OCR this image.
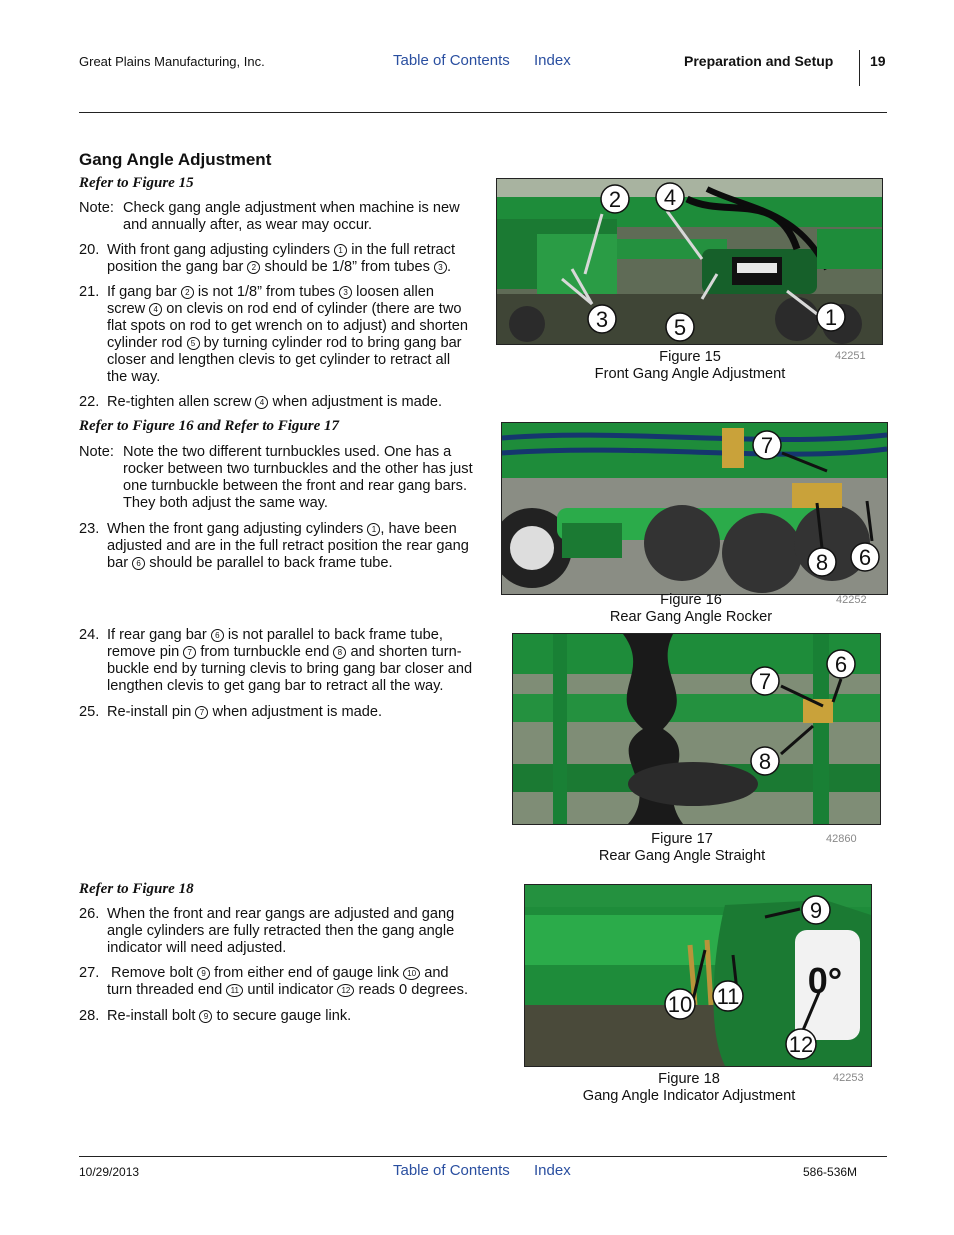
Great Plains Manufacturing, Inc.	Table of Contents Index	Preparation and Setup	19
Gang Angle Adjustment
Refer to Figure 15
Note: Check gang angle adjustment when machine is new
and annually after, as wear may occur.
20. With front gang adjusting cylinders 1 in the full retract
position the gang bar 2 should be 1/8” from tubes 3 .
21. If gang bar 2 is not 1/8” from tubes 3 loosen allen
screw 4 on clevis on rod end of cylinder (there are two
flat spots on rod to get wrench on to adjust) and shorten
cylinder rod 5 by turning cylinder rod to bring gang bar
closer and lengthen clevis to get cylinder to retract all
the way.
22. Re-tighten allen screw 4 when adjustment is made.
Refer to Figure 16 and Refer to Figure 17
Note: Note the two different turnbuckles used. One has a
rocker between two turnbuckles and the other has just
one turnbuckle between the front and rear gang bars.
They both adjust the same way.
23. When the front gang adjusting cylinders 1 , have been
adjusted and are in the full retract position the rear gang
bar 6 should be parallel to back frame tube.
24. If rear gang bar 6 is not parallel to back frame tube,
remove pin 7 from turnbuckle end 8 and shorten turn-
buckle end by turning clevis to bring gang bar closer and
lengthen clevis to get gang bar to retract all the way.
25. Re-install pin 7 when adjustment is made.
Refer to Figure 18
26. When the front and rear gangs are adjusted and gang
angle cylinders are fully retracted then the gang angle
indicator will need adjusted.
27. Remove bolt 9 from either end of gauge link 10 and
turn threaded end 11 until indicator 12 reads 0 degrees.
28. Re-install bolt 9 to secure gauge link.
2 4
3	5	1
Figure 15
Front Gang Angle Adjustment
42251
7
8 6
Figure 16
Rear Gang Angle Rocker
42252
6
7
8
Figure 17
Rear Gang Angle Straight
42860
0°
9
10 11
12
Figure 18
Gang Angle Indicator Adjustment
42253
10/29/2013	Table of Contents Index	586-536M
